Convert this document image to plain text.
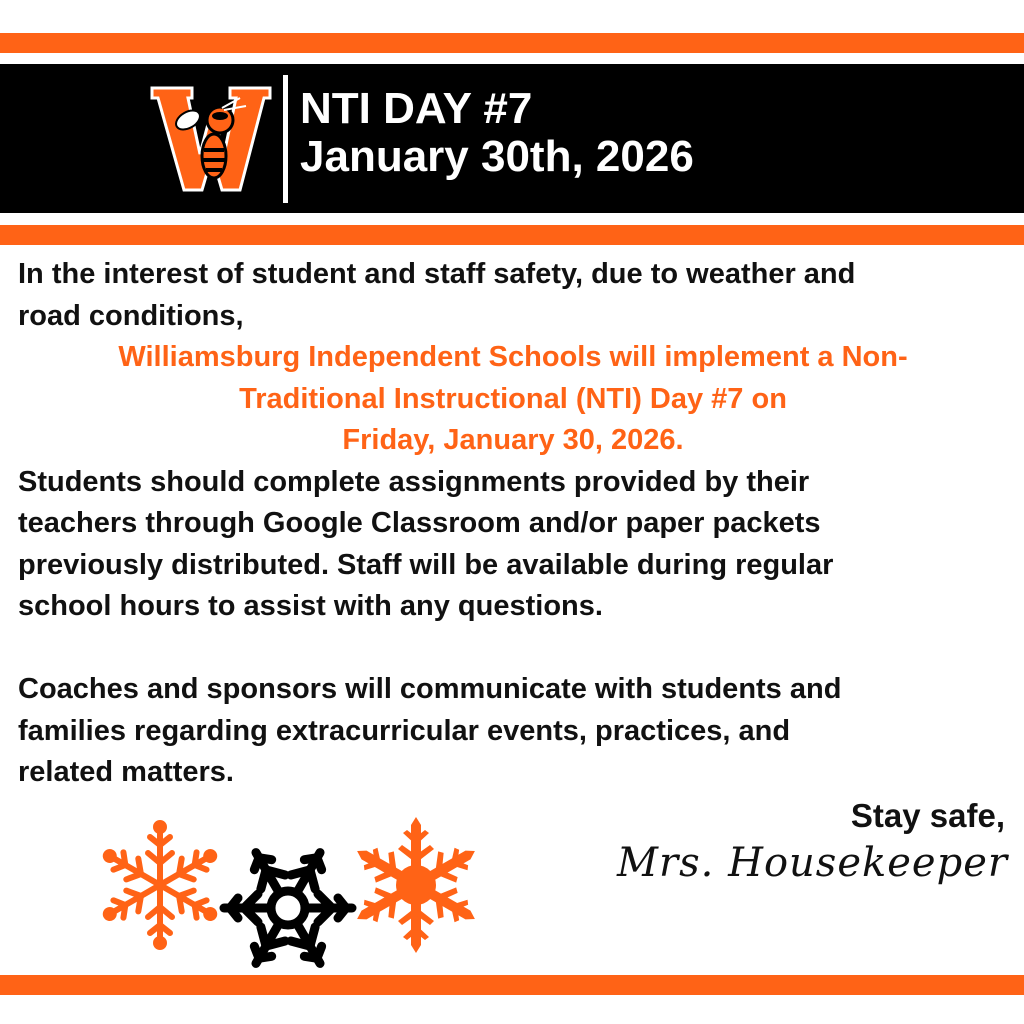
NTI DAY #7
January 30th, 2026
In the interest of student and staff safety, due to weather and
road conditions,
Williamsburg Independent Schools will implement a Non-
Traditional Instructional (NTI) Day #7 on
Friday, January 30, 2026.
Students should complete assignments provided by their
teachers through Google Classroom and/or paper packets
previously distributed. Staff will be available during regular
school hours to assist with any questions.
Coaches and sponsors will communicate with students and
families regarding extracurricular events, practices, and
related matters.
Stay safe,
Mrs. Housekeeper
